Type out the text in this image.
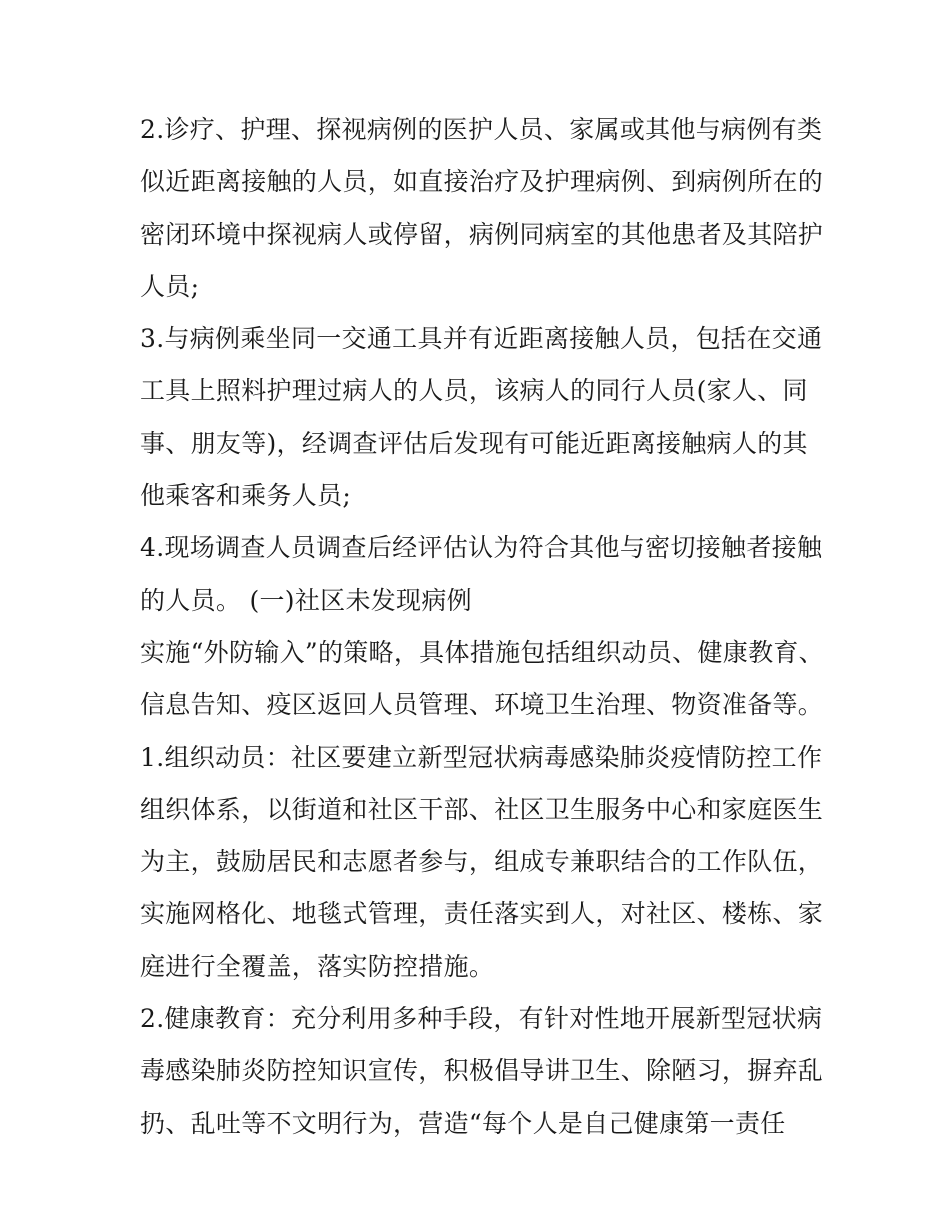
2.诊疗、护理、探视病例的医护人员、家属或其他与病例有类
似近距离接触的人员，如直接治疗及护理病例、到病例所在的
密闭环境中探视病人或停留，病例同病室的其他患者及其陪护
人员;
3.与病例乘坐同一交通工具并有近距离接触人员，包括在交通
工具上照料护理过病人的人员，该病人的同行人员(家人、同
事、朋友等)，经调查评估后发现有可能近距离接触病人的其
他乘客和乘务人员;
4.现场调查人员调查后经评估认为符合其他与密切接触者接触
的人员。 (一)社区未发现病例
实施“外防输入”的策略，具体措施包括组织动员、健康教育、
信息告知、疫区返回人员管理、环境卫生治理、物资准备等。
1.组织动员：社区要建立新型冠状病毒感染肺炎疫情防控工作
组织体系，以街道和社区干部、社区卫生服务中心和家庭医生
为主，鼓励居民和志愿者参与，组成专兼职结合的工作队伍，
实施网格化、地毯式管理，责任落实到人，对社区、楼栋、家
庭进行全覆盖，落实防控措施。
2.健康教育：充分利用多种手段，有针对性地开展新型冠状病
毒感染肺炎防控知识宣传，积极倡导讲卫生、除陋习，摒弃乱
扔、乱吐等不文明行为，营造“每个人是自己健康第一责任
